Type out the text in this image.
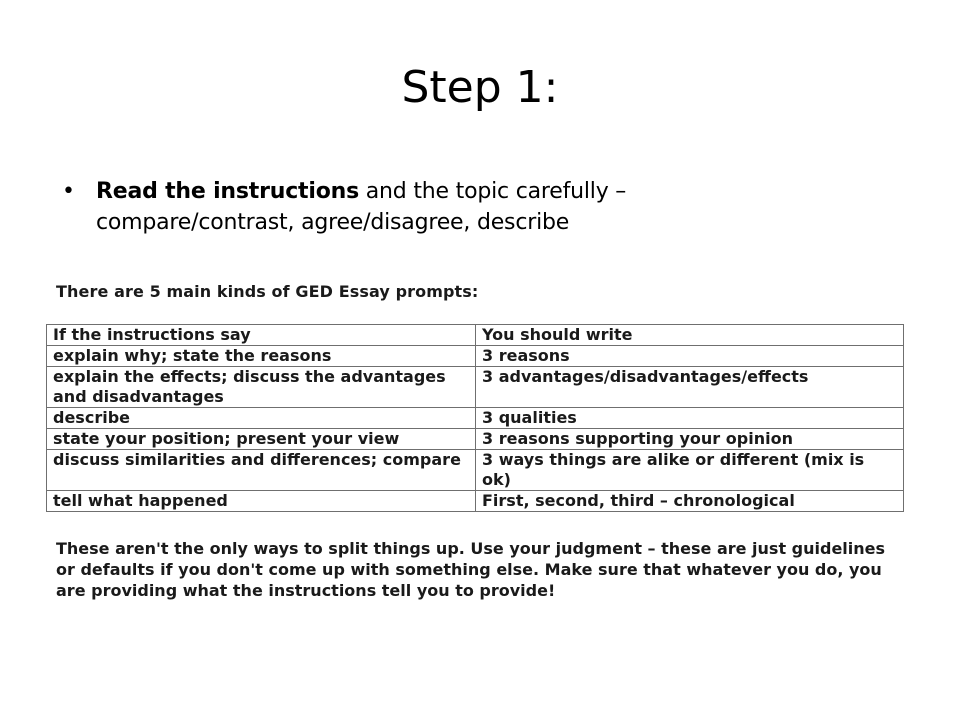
Step 1:
• Read the instructions and the topic carefully –
compare/contrast, agree/disagree, describe
There are 5 main kinds of GED Essay prompts:
If the instructions say	You should write
explain why; state the reasons	3 reasons
explain the effects; discuss the advantages and disadvantages	3 advantages/disadvantages/effects
describe	3 qualities
state your position; present your view	3 reasons supporting your opinion
discuss similarities and differences; compare	3 ways things are alike or different (mix is ok)
tell what happened	First, second, third – chronological
These aren't the only ways to split things up. Use your judgment – these are just guidelines or defaults if you don't come up with something else. Make sure that whatever you do, you are providing what the instructions tell you to provide!
